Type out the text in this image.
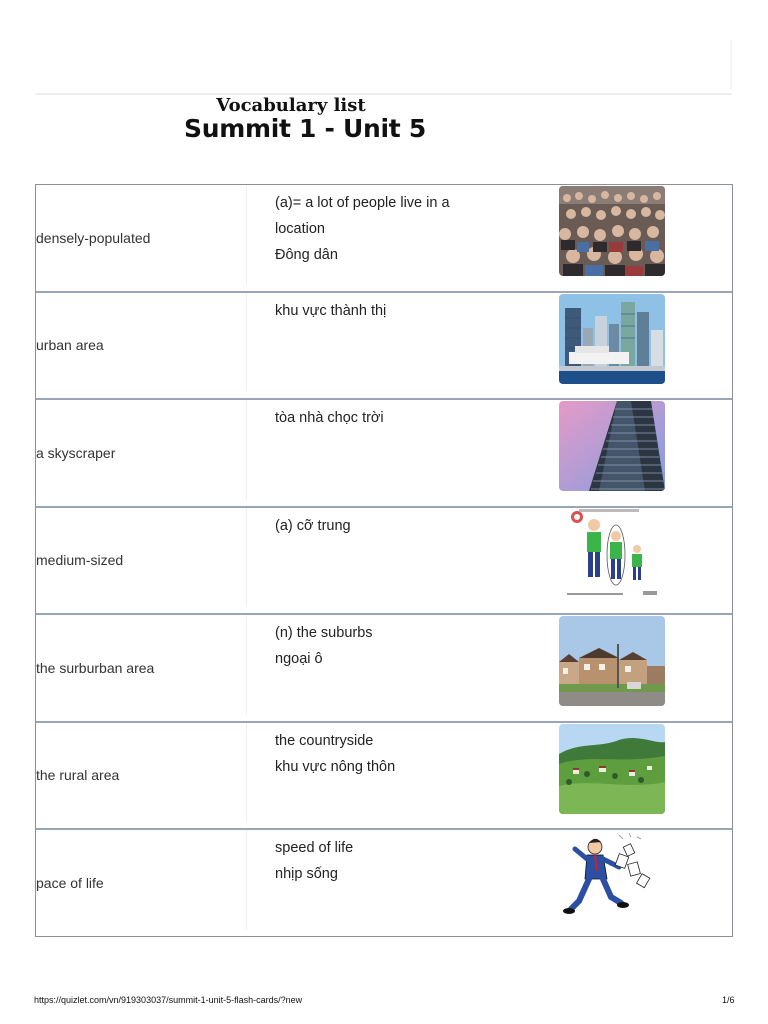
Vocabulary list
Summit 1 - Unit 5
densely-populated
(a)= a lot of people live in a location
Đông dân
urban area
khu vực thành thị
a skyscraper
tòa nhà chọc trời
medium-sized
(a) cỡ trung
the surburban area
(n) the suburbs
ngoại ô
the rural area
the countryside
khu vực nông thôn
pace of life
speed of life
nhịp sống
https://quizlet.com/vn/919303037/summit-1-unit-5-flash-cards/?new	1/6
